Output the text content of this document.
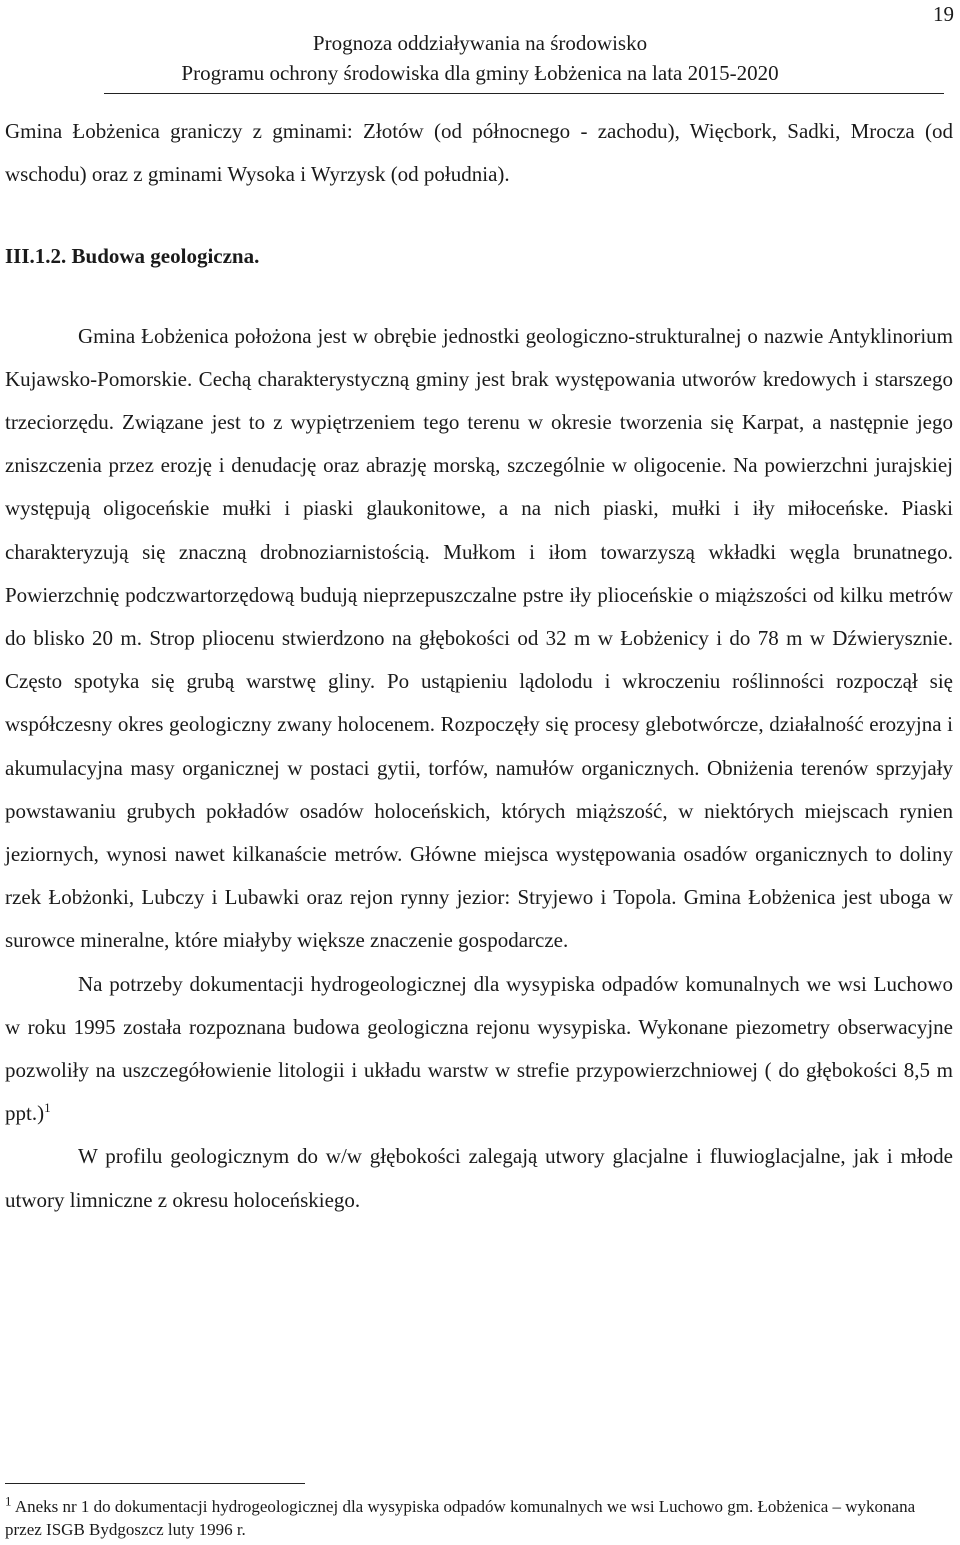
19
Prognoza oddziaływania na środowisko
Programu ochrony środowiska dla gminy Łobżenica na lata 2015-2020

Gmina Łobżenica graniczy z gminami: Złotów (od północnego - zachodu), Więcbork, Sadki, Mrocza (od wschodu) oraz z gminami Wysoka i Wyrzysk (od południa).

III.1.2. Budowa geologiczna.

Gmina Łobżenica położona jest w obrębie jednostki geologiczno-strukturalnej o nazwie Antyklinorium Kujawsko-Pomorskie. Cechą charakterystyczną gminy jest brak występowania utworów kredowych i starszego trzeciorzędu. Związane jest to z wypiętrzeniem tego terenu w okresie tworzenia się Karpat, a następnie jego zniszczenia przez erozję i denudację oraz abrazję morską, szczególnie w oligocenie. Na powierzchni jurajskiej występują oligoceńskie mułki i piaski glaukonitowe, a na nich piaski, mułki i iły miłoceńske. Piaski charakteryzują się znaczną drobnoziarnistością. Mułkom i iłom towarzyszą wkładki węgla brunatnego. Powierzchnię podczwartorzędową budują nieprzepuszczalne pstre iły plioceńskie o miąższości od kilku metrów do blisko 20 m. Strop pliocenu stwierdzono na głębokości od 32 m w Łobżenicy i do 78 m w Dźwierysznie. Często spotyka się grubą warstwę gliny. Po ustąpieniu lądolodu i wkroczeniu roślinności rozpoczął się współczesny okres geologiczny zwany holocenem. Rozpoczęły się procesy glebotwórcze, działalność erozyjna i akumulacyjna masy organicznej w postaci gytii, torfów, namułów organicznych. Obniżenia terenów sprzyjały powstawaniu grubych pokładów osadów holoceńskich, których miąższość, w niektórych miejscach rynien jeziornych, wynosi nawet kilkanaście metrów. Główne miejsca występowania osadów organicznych to doliny rzek Łobżonki, Lubczy i Lubawki oraz rejon rynny jezior: Stryjewo i Topola. Gmina Łobżenica jest uboga w surowce mineralne, które miałyby większe znaczenie gospodarcze.

Na potrzeby dokumentacji hydrogeologicznej dla wysypiska odpadów komunalnych we wsi Luchowo w roku 1995 została rozpoznana budowa geologiczna rejonu wysypiska. Wykonane piezometry obserwacyjne pozwoliły na uszczegółowienie litologii i układu warstw w strefie przypowierzchniowej ( do głębokości 8,5 m ppt.)$^1$

W profilu geologicznym do w/w głębokości zalegają utwory glacjalne i fluwioglacjalne, jak i młode utwory limniczne z okresu holoceńskiego.

$^1$ Aneks nr 1 do dokumentacji hydrogeologicznej dla wysypiska odpadów komunalnych we wsi Luchowo gm. Łobżenica – wykonana przez ISGB Bydgoszcz luty 1996 r.
